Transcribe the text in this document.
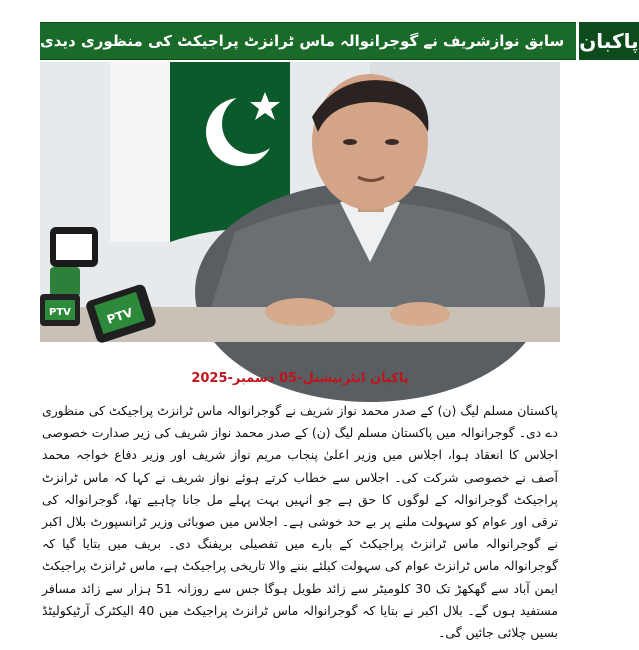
سابق نوازشریف نے گوجرانوالہ ماس ٹرانزٹ پراجیکٹ کی منظوری دیدی پاکبان
PTV
PTV
پاکبان انٹرنیشنل-05 دسمبر-2025
پاکستان مسلم لیگ (ن) کے صدر محمد نواز شریف نے گوجرانوالہ ماس ٹرانزٹ پراجیکٹ کی منظوری دے دی۔ گوجرانوالہ میں پاکستان مسلم لیگ (ن) کے صدر محمد نواز شریف کی زیر صدارت خصوصی اجلاس کا انعقاد ہوا، اجلاس میں وزیر اعلیٰ پنجاب مریم نواز شریف اور وزیر دفاع خواجہ محمد آصف نے خصوصی شرکت کی۔ اجلاس سے خطاب کرتے ہوئے نواز شریف نے کہا کہ ماس ٹرانزٹ پراجیکٹ گوجرانوالہ کے لوگوں کا حق ہے جو انہیں بہت پہلے مل جانا چاہیے تھا، گوجرانوالہ کی ترقی اور عوام کو سہولت ملنے پر بے حد خوشی ہے۔ اجلاس میں صوبائی وزیر ٹرانسپورٹ بلال اکبر نے گوجرانوالہ ماس ٹرانزٹ پراجیکٹ کے بارے میں تفصیلی بریفنگ دی۔ بریف میں بتایا گیا کہ گوجرانوالہ ماس ٹرانزٹ عوام کی سہولت کیلئے بننے والا تاریخی پراجیکٹ ہے، ماس ٹرانزٹ پراجیکٹ ایمن آباد سے گھکھڑ تک 30 کلومیٹر سے زائد طویل ہوگا جس سے روزانہ 51 ہزار سے زائد مسافر مستفید ہوں گے۔ بلال اکبر نے بتایا کہ گوجرانوالہ ماس ٹرانزٹ پراجیکٹ میں 40 الیکٹرک آرٹیکولیٹڈ بسیں چلائی جائیں گی۔
